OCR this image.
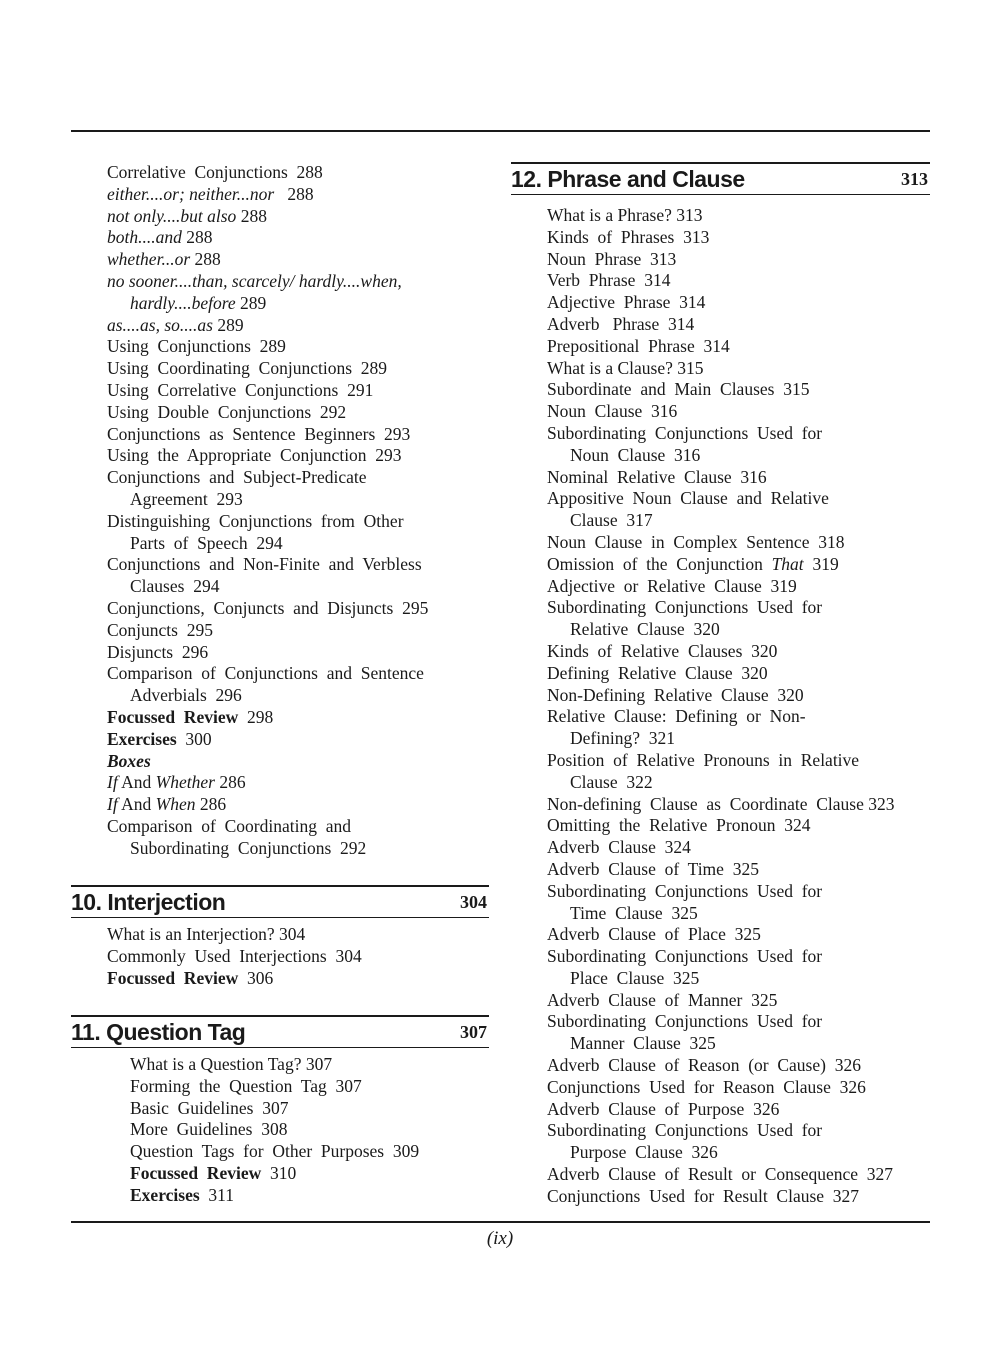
Correlative  Conjunctions  288
either....or; neither...nor   288
not only....but also 288
both....and 288
whether...or 288
no sooner....than, scarcely/ hardly....when,
hardly....before 289
as....as, so....as 289
Using  Conjunctions  289
Using  Coordinating  Conjunctions  289
Using  Correlative  Conjunctions  291
Using  Double  Conjunctions  292
Conjunctions  as  Sentence  Beginners  293
Using  the  Appropriate  Conjunction  293
Conjunctions  and  Subject-Predicate
Agreement  293
Distinguishing  Conjunctions  from  Other
Parts  of  Speech  294
Conjunctions  and  Non-Finite  and  Verbless
Clauses  294
Conjunctions,  Conjuncts  and  Disjuncts  295
Conjuncts  295
Disjuncts  296
Comparison  of  Conjunctions  and  Sentence
Adverbials  296
Focussed  Review  298
Exercises  300
Boxes
If And Whether 286
If And When 286
Comparison  of  Coordinating  and
Subordinating  Conjunctions  292
10. Interjection	304
What is an Interjection? 304
Commonly  Used  Interjections  304
Focussed  Review  306
11. Question Tag	307
What is a Question Tag? 307
Forming  the  Question  Tag  307
Basic  Guidelines  307
More  Guidelines  308
Question  Tags  for  Other  Purposes  309
Focussed  Review  310
Exercises  311
12. Phrase and Clause	313
What is a Phrase? 313
Kinds  of  Phrases  313
Noun  Phrase  313
Verb  Phrase  314
Adjective  Phrase  314
Adverb   Phrase  314
Prepositional  Phrase  314
What is a Clause? 315
Subordinate  and  Main  Clauses  315
Noun  Clause  316
Subordinating  Conjunctions  Used  for
Noun  Clause  316
Nominal  Relative  Clause  316
Appositive  Noun  Clause  and  Relative
Clause  317
Noun  Clause  in  Complex  Sentence  318
Omission  of  the  Conjunction  That  319
Adjective  or  Relative  Clause  319
Subordinating  Conjunctions  Used  for
Relative  Clause  320
Kinds  of  Relative  Clauses  320
Defining  Relative  Clause  320
Non-Defining  Relative  Clause  320
Relative  Clause:  Defining  or  Non-
Defining?  321
Position  of  Relative  Pronouns  in  Relative
Clause  322
Non-defining  Clause  as  Coordinate  Clause 323
Omitting  the  Relative  Pronoun  324
Adverb  Clause  324
Adverb  Clause  of  Time  325
Subordinating  Conjunctions  Used  for
Time  Clause  325
Adverb  Clause  of  Place  325
Subordinating  Conjunctions  Used  for
Place  Clause  325
Adverb  Clause  of  Manner  325
Subordinating  Conjunctions  Used  for
Manner  Clause  325
Adverb  Clause  of  Reason  (or  Cause)  326
Conjunctions  Used  for  Reason  Clause  326
Adverb  Clause  of  Purpose  326
Subordinating  Conjunctions  Used  for
Purpose  Clause  326
Adverb  Clause  of  Result  or  Consequence  327
Conjunctions  Used  for  Result  Clause  327
(ix)
